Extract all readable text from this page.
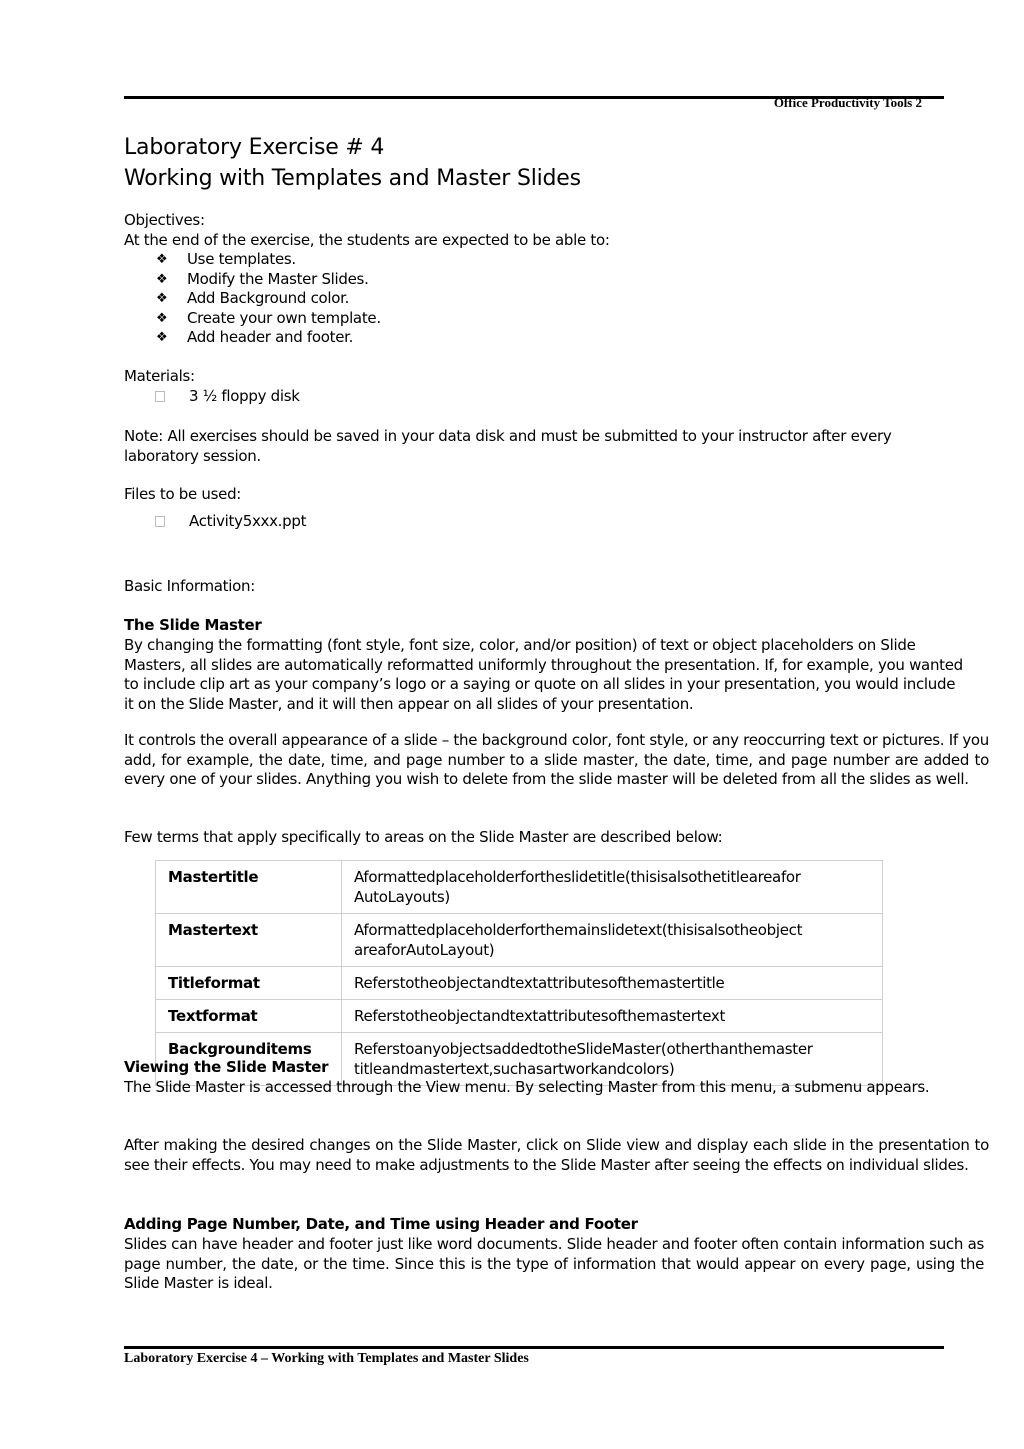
Office Productivity Tools 2
Laboratory Exercise # 4
Working with Templates and Master Slides
Objectives:
At the end of the exercise, the students are expected to be able to:
❖ Use templates.
❖ Modify the Master Slides.
❖ Add Background color.
❖ Create your own template.
❖ Add header and footer.
Materials:
3 ½ floppy disk
Note: All exercises should be saved in your data disk and must be submitted to your instructor after every laboratory session.
Files to be used:
Activity5xxx.ppt
Basic Information:
The Slide Master
By changing the formatting (font style, font size, color, and/or position) of text or object placeholders on Slide Masters, all slides are automatically reformatted uniformly throughout the presentation. If, for example, you wanted to include clip art as your company’s logo or a saying or quote on all slides in your presentation, you would include it on the Slide Master, and it will then appear on all slides of your presentation.
It controls the overall appearance of a slide – the background color, font style, or any reoccurring text or pictures. If you add, for example, the date, time, and page number to a slide master, the date, time, and page number are added to every one of your slides. Anything you wish to delete from the slide master will be deleted from all the slides as well.
Few terms that apply specifically to areas on the Slide Master are described below:
Mastertitle	Aformattedplaceholderfortheslidetitle(thisisalsothetitleareafor AutoLayouts)
Mastertext	Aformattedplaceholderforthemainslidetext(thisisalsotheobject areaforAutoLayout)
Titleformat	Referstotheobjectandtextattributesofthemastertitle
Textformat	Referstotheobjectandtextattributesofthemastertext
Backgrounditems	ReferstoanyobjectsaddedtotheSlideMaster(otherthanthemaster titleandmastertext,suchasartworkandcolors)
Viewing the Slide Master
The Slide Master is accessed through the View menu. By selecting Master from this menu, a submenu appears.
After making the desired changes on the Slide Master, click on Slide view and display each slide in the presentation to see their effects. You may need to make adjustments to the Slide Master after seeing the effects on individual slides.
Adding Page Number, Date, and Time using Header and Footer
Slides can have header and footer just like word documents. Slide header and footer often contain information such as page number, the date, or the time. Since this is the type of information that would appear on every page, using the Slide Master is ideal.
Laboratory Exercise 4 – Working with Templates and Master Slides
